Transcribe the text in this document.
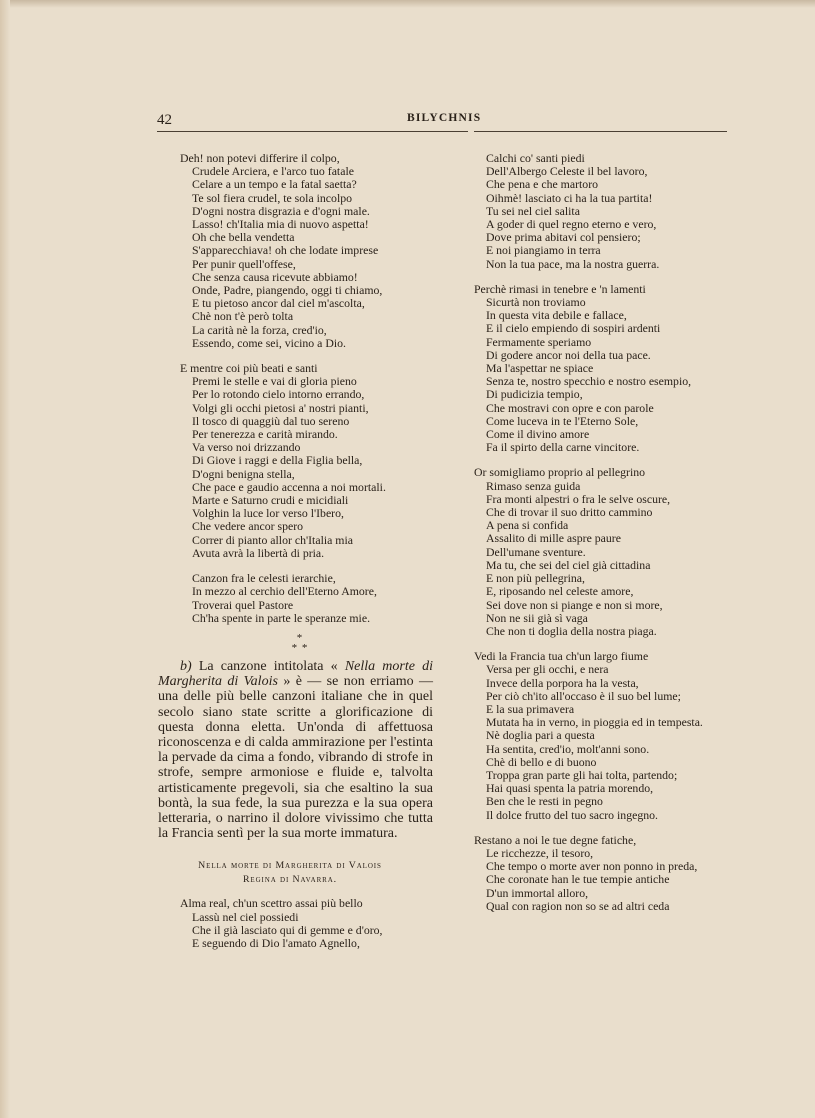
42	BILYCHNIS
Deh! non potevi differire il colpo,
Crudele Arciera, e l'arco tuo fatale
Celare a un tempo e la fatal saetta?
Te sol fiera crudel, te sola incolpo
D'ogni nostra disgrazia e d'ogni male.
Lasso! ch'Italia mia di nuovo aspetta!
Oh che bella vendetta
S'apparecchiava! oh che lodate imprese
Per punir quell'offese,
Che senza causa ricevute abbiamo!
Onde, Padre, piangendo, oggi ti chiamo,
E tu pietoso ancor dal ciel m'ascolta,
Chè non t'è però tolta
La carità nè la forza, cred'io,
Essendo, come sei, vicino a Dio.
E mentre coi più beati e santi
Premi le stelle e vai di gloria pieno
Per lo rotondo cielo intorno errando,
Volgi gli occhi pietosi a' nostri pianti,
Il tosco di quaggiù dal tuo sereno
Per tenerezza e carità mirando.
Va verso noi drizzando
Di Giove i raggi e della Figlia bella,
D'ogni benigna stella,
Che pace e gaudio accenna a noi mortali.
Marte e Saturno crudi e micidiali
Volghin la luce lor verso l'Ibero,
Che vedere ancor spero
Correr di pianto allor ch'Italia mia
Avuta avrà la libertà di pria.
Canzon fra le celesti ierarchie,
In mezzo al cerchio dell'Eterno Amore,
Troverai quel Pastore
Ch'ha spente in parte le speranze mie.
*
* *

b) La canzone intitolata « Nella morte di Margherita di Valois » è — se non erriamo — una delle più belle canzoni italiane che in quel secolo siano state scritte a glorificazione di questa donna eletta. Un'onda di affettuosa riconoscenza e di calda ammirazione per l'estinta la pervade da cima a fondo, vibrando di strofe in strofe, sempre armoniose e fluide e, talvolta artisticamente pregevoli, sia che esaltino la sua bontà, la sua fede, la sua purezza e la sua opera letteraria, o narrino il dolore vivissimo che tutta la Francia sentì per la sua morte immatura.

Nella morte di Margherita di Valois
Regina di Navarra.
Alma real, ch'un scettro assai più bello
Lassù nel ciel possiedi
Che il già lasciato qui di gemme e d'oro,
E seguendo di Dio l'amato Agnello,
Calchi co' santi piedi
Dell'Albergo Celeste il bel lavoro,
Che pena e che martoro
Oihmè! lasciato ci ha la tua partita!
Tu sei nel ciel salita
A goder di quel regno eterno e vero,
Dove prima abitavi col pensiero;
E noi piangiamo in terra
Non la tua pace, ma la nostra guerra.
Perchè rimasi in tenebre e 'n lamenti
Sicurtà non troviamo
In questa vita debile e fallace,
E il cielo empiendo di sospiri ardenti
Fermamente speriamo
Di godere ancor noi della tua pace.
Ma l'aspettar ne spiace
Senza te, nostro specchio e nostro esempio,
Di pudicizia tempio,
Che mostravi con opre e con parole
Come luceva in te l'Eterno Sole,
Come il divino amore
Fa il spirto della carne vincitore.
Or somigliamo proprio al pellegrino
Rimaso senza guida
Fra monti alpestri o fra le selve oscure,
Che di trovar il suo dritto cammino
A pena si confida
Assalito di mille aspre paure
Dell'umane sventure.
Ma tu, che sei del ciel già cittadina
E non più pellegrina,
E, riposando nel celeste amore,
Sei dove non si piange e non si more,
Non ne sii già sì vaga
Che non ti doglia della nostra piaga.
Vedi la Francia tua ch'un largo fiume
Versa per gli occhi, e nera
Invece della porpora ha la vesta,
Per ciò ch'ito all'occaso è il suo bel lume;
E la sua primavera
Mutata ha in verno, in pioggia ed in tempesta.
Nè doglia pari a questa
Ha sentita, cred'io, molt'anni sono.
Chè di bello e di buono
Troppa gran parte gli hai tolta, partendo;
Hai quasi spenta la patria morendo,
Ben che le resti in pegno
Il dolce frutto del tuo sacro ingegno.
Restano a noi le tue degne fatiche,
Le ricchezze, il tesoro,
Che tempo o morte aver non ponno in preda,
Che coronate han le tue tempie antiche
D'un immortal alloro,
Qual con ragion non so se ad altri ceda
